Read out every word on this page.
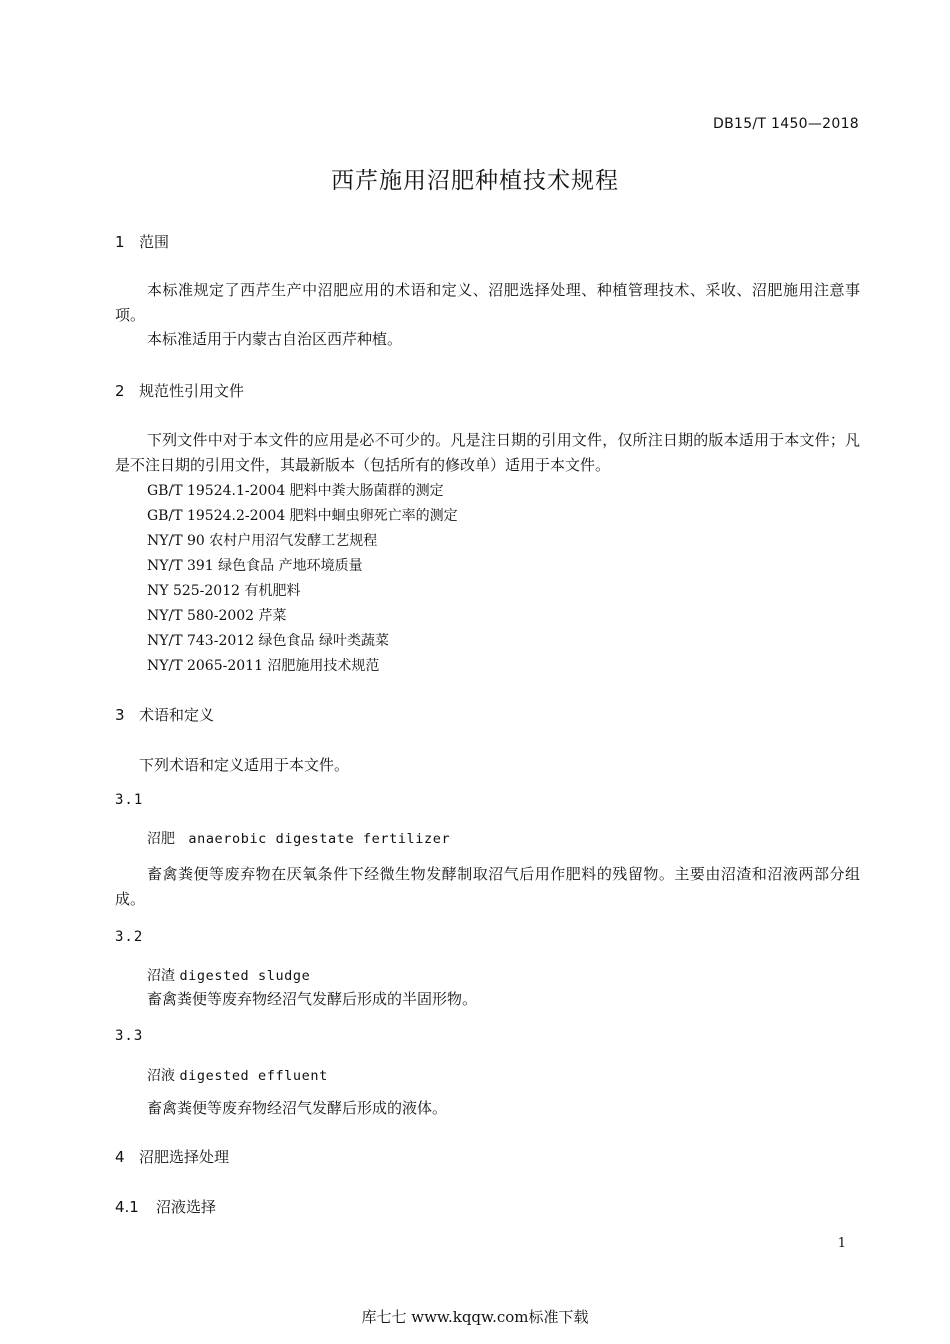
DB15/T 1450—2018
西芹施用沼肥种植技术规程
1 范围
本标准规定了西芹生产中沼肥应用的术语和定义、沼肥选择处理、种植管理技术、采收、沼肥施用注意事项。
本标准适用于内蒙古自治区西芹种植。
2 规范性引用文件
下列文件中对于本文件的应用是必不可少的。凡是注日期的引用文件，仅所注日期的版本适用于本文件；凡是不注日期的引用文件，其最新版本（包括所有的修改单）适用于本文件。
GB/T 19524.1-2004 肥料中粪大肠菌群的测定
GB/T 19524.2-2004 肥料中蛔虫卵死亡率的测定
NY/T 90 农村户用沼气发酵工艺规程
NY/T 391 绿色食品 产地环境质量
NY 525-2012 有机肥料
NY/T 580-2002 芹菜
NY/T 743-2012 绿色食品 绿叶类蔬菜
NY/T 2065-2011 沼肥施用技术规范
3 术语和定义
下列术语和定义适用于本文件。
3.1
沼肥 anaerobic digestate fertilizer
畜禽粪便等废弃物在厌氧条件下经微生物发酵制取沼气后用作肥料的残留物。主要由沼渣和沼液两部分组成。
3.2
沼渣 digested sludge
畜禽粪便等废弃物经沼气发酵后形成的半固形物。
3.3
沼液 digested effluent
畜禽粪便等废弃物经沼气发酵后形成的液体。
4 沼肥选择处理
4.1 沼液选择
1
库七七 www.kqqw.com标准下载
